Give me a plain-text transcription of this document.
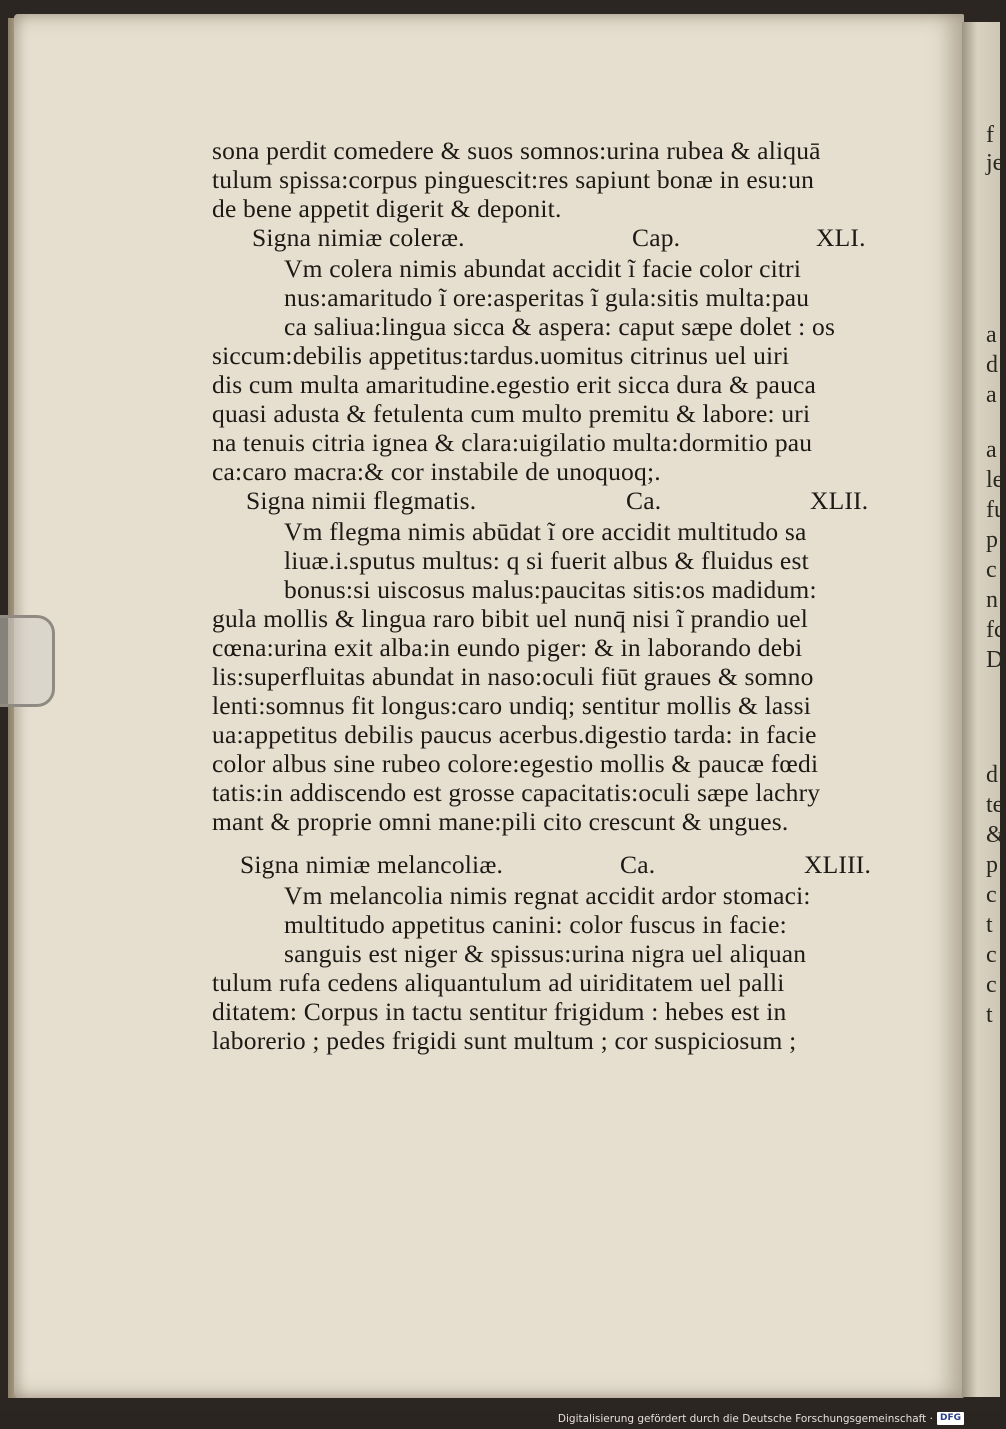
f
je
a
d
a
a
le
fu
p
c
n
fc
D
d
te
&
p
c
t
c
c
t
sona perdit comedere & suos somnos:urina rubea & aliquā
tulum spissa:corpus pinguescit:res sapiunt bonæ in esu:un
de bene appetit digerit & deponit.
Signa nimiæ coleræ.	Cap.	XLI.
Vm colera nimis abundat accidit ĩ facie color citri
nus:amaritudo ĩ ore:asperitas ĩ gula:sitis multa:pau
ca saliua:lingua sicca & aspera: caput sæpe dolet : os
siccum:debilis appetitus:tardus.uomitus citrinus uel uiri
dis cum multa amaritudine.egestio erit sicca dura & pauca
quasi adusta & fetulenta cum multo premitu & labore: uri
na tenuis citria ignea & clara:uigilatio multa:dormitio pau
ca:caro macra:& cor instabile de unoquoq;.
Signa nimii flegmatis.	Ca.	XLII.
Vm flegma nimis abūdat ĩ ore accidit multitudo sa
liuæ.i.sputus multus: q si fuerit albus & fluidus est
bonus:si uiscosus malus:paucitas sitis:os madidum:
gula mollis & lingua raro bibit uel nunq̄ nisi ĩ prandio uel
cœna:urina exit alba:in eundo piger: & in laborando debi
lis:superfluitas abundat in naso:oculi fiūt graues & somno
lenti:somnus fit longus:caro undiq; sentitur mollis & lassi
ua:appetitus debilis paucus acerbus.digestio tarda: in facie
color albus sine rubeo colore:egestio mollis & paucæ fœdi
tatis:in addiscendo est grosse capacitatis:oculi sæpe lachry
mant & proprie omni mane:pili cito crescunt & ungues.
Signa nimiæ melancoliæ.	Ca.	XLIII.
Vm melancolia nimis regnat accidit ardor stomaci:
multitudo appetitus canini: color fuscus in facie:
sanguis est niger & spissus:urina nigra uel aliquan
tulum rufa cedens aliquantulum ad uiriditatem uel palli
ditatem: Corpus in tactu sentitur frigidum : hebes est in
laborerio ; pedes frigidi sunt multum ; cor suspiciosum ;
Digitalisierung gefördert durch die Deutsche Forschungsgemeinschaft · DFG
